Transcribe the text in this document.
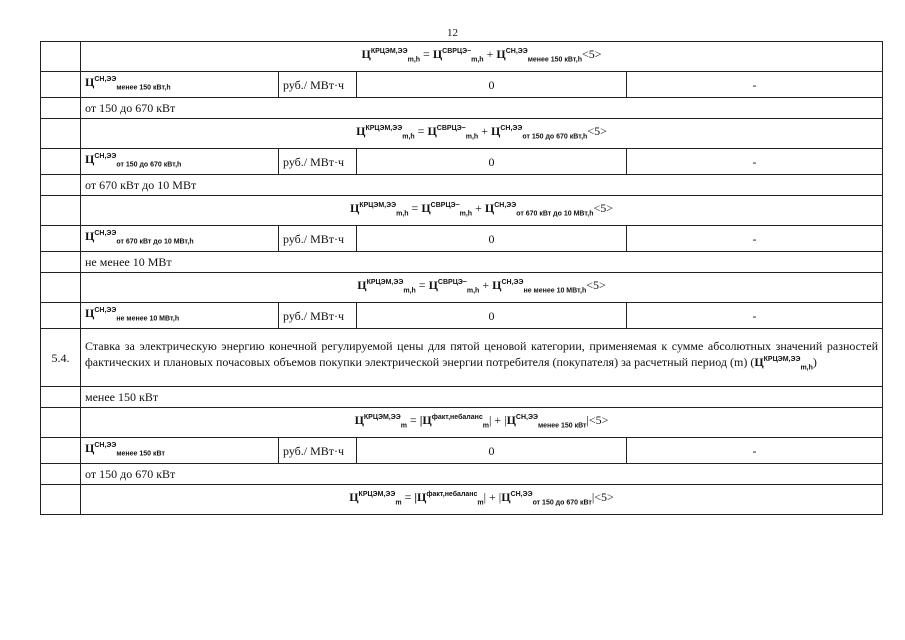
12
	$Ц^{КРЦЭМ,ЭЭ}_{m,h} = Ц^{СВРЦЭ-}_{m,h} + Ц^{СН,ЭЭ}_{менее 150 кВт,h}<5>$			
	$Ц^{СН,ЭЭ}_{менее 150 кВт,h}$	руб./ МВт·ч	0	-
	от 150 до 670 кВт			
	$Ц^{КРЦЭМ,ЭЭ}_{m,h} = Ц^{СВРЦЭ-}_{m,h} + Ц^{СН,ЭЭ}_{от 150 до 670 кВт,h}<5>$			
	$Ц^{СН,ЭЭ}_{от 150 до 670 кВт,h}$	руб./ МВт·ч	0	-
	от 670 кВт до 10 МВт			
	$Ц^{КРЦЭМ,ЭЭ}_{m,h} = Ц^{СВРЦЭ-}_{m,h} + Ц^{СН,ЭЭ}_{от 670 кВт до 10 МВт,h}<5>$			
	$Ц^{СН,ЭЭ}_{от 670 кВт до 10 МВт,h}$	руб./ МВт·ч	0	-
	не менее 10 МВт			
	$Ц^{КРЦЭМ,ЭЭ}_{m,h} = Ц^{СВРЦЭ-}_{m,h} + Ц^{СН,ЭЭ}_{не менее 10 МВт,h}<5>$			
	$Ц^{СН,ЭЭ}_{не менее 10 МВт,h}$	руб./ МВт·ч	0	-
5.4.	Ставка за электрическую энергию конечной регулируемой цены для пятой ценовой категории, применяемая к сумме абсолютных значений разностей фактических и плановых почасовых объемов покупки электрической энергии потребителя (покупателя) за расчетный период (m) $(Ц^{КРЦЭМ,ЭЭ}_{m,h})$			
	менее 150 кВт			
	$Ц^{КРЦЭМ,ЭЭ}_m = |Ц^{факт,небаланс}_m| + |Ц^{СН,ЭЭ}_{менее 150 кВт}|<5>$			
	$Ц^{СН,ЭЭ}_{менее 150 кВт}$	руб./ МВт·ч	0	-
	от 150 до 670 кВт			
	$Ц^{КРЦЭМ,ЭЭ}_m = |Ц^{факт,небаланс}_m| + |Ц^{СН,ЭЭ}_{от 150 до 670 кВт}|<5>$			
